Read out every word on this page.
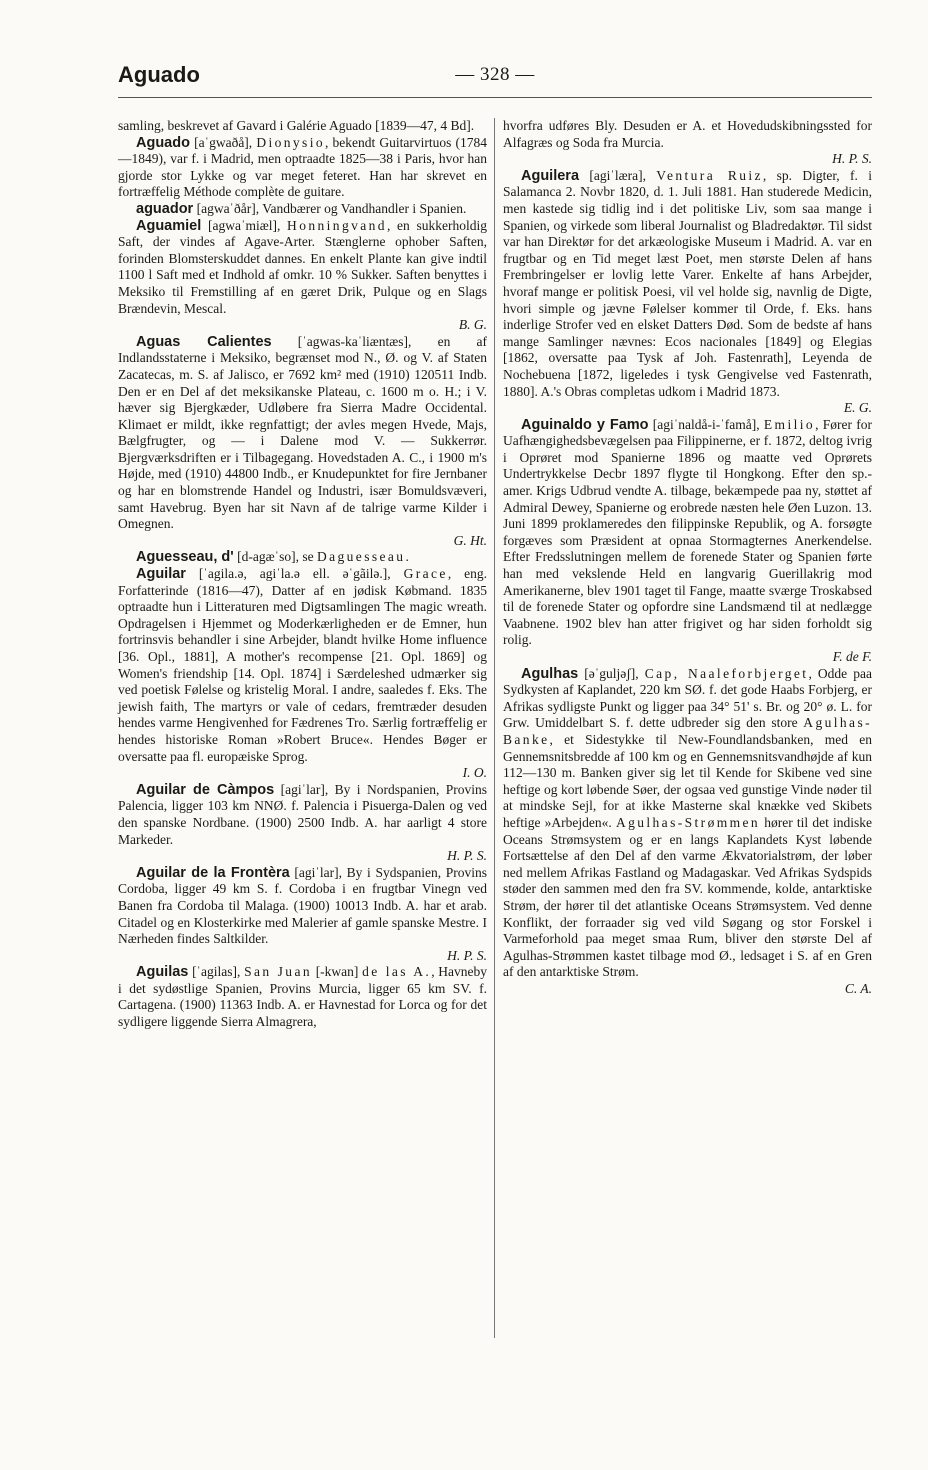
Aguado	— 328 —

samling, beskrevet af Gavard i Galérie Aguado [1839—47, 4 Bd].

Aguado [aˈgwaðå], Dionysio, bekendt Guitarvirtuos (1784—1849), var f. i Madrid, men optraadte 1825—38 i Paris, hvor han gjorde stor Lykke og var meget feteret. Han har skrevet en fortræffelig Méthode complète de guitare.

aguador [agwaˈðår], Vandbærer og Vandhandler i Spanien.

Aguamiel [agwaˈmiæl], Honningvand, en sukkerholdig Saft, der vindes af Agave-Arter. Stænglerne ophober Saften, forinden Blomsterskuddet dannes. En enkelt Plante kan give indtil 1100 l Saft med et Indhold af omkr. 10 % Sukker. Saften benyttes i Meksiko til Fremstilling af en gæret Drik, Pulque og en Slags Brændevin, Mescal.
B. G.

Aguas Calientes [ˈagwas-kaˈliæntæs], en af Indlandsstaterne i Meksiko, begrænset mod N., Ø. og V. af Staten Zacatecas, m. S. af Jalisco, er 7692 km² med (1910) 120511 Indb. Den er en Del af det meksikanske Plateau, c. 1600 m o. H.; i V. hæver sig Bjergkæder, Udløbere fra Sierra Madre Occidental. Klimaet er mildt, ikke regnfattigt; der avles megen Hvede, Majs, Bælgfrugter, og — i Dalene mod V. — Sukkerrør. Bjergværksdriften er i Tilbagegang. Hovedstaden A. C., i 1900 m's Højde, med (1910) 44800 Indb., er Knudepunktet for fire Jernbaner og har en blomstrende Handel og Industri, især Bomuldsvæveri, samt Havebrug. Byen har sit Navn af de talrige varme Kilder i Omegnen.
G. Ht.

Aguesseau, d' [d-agæˈso], se Daguesseau.

Aguilar [ˈagila.ə, agiˈla.ə ell. əˈgãilə.], Grace, eng. Forfatterinde (1816—47), Datter af en jødisk Købmand. 1835 optraadte hun i Litteraturen med Digtsamlingen The magic wreath. Opdragelsen i Hjemmet og Moderkærligheden er de Emner, hun fortrinsvis behandler i sine Arbejder, blandt hvilke Home influence [36. Opl., 1881], A mother's recompense [21. Opl. 1869] og Women's friendship [14. Opl. 1874] i Særdeleshed udmærker sig ved poetisk Følelse og kristelig Moral. I andre, saaledes f. Eks. The jewish faith, The martyrs or vale of cedars, fremtræder desuden hendes varme Hengivenhed for Fædrenes Tro. Særlig fortræffelig er hendes historiske Roman »Robert Bruce«. Hendes Bøger er oversatte paa fl. europæiske Sprog.
I. O.

Aguilar de Càmpos [agiˈlar], By i Nordspanien, Provins Palencia, ligger 103 km NNØ. f. Palencia i Pisuerga-Dalen og ved den spanske Nordbane. (1900) 2500 Indb. A. har aarligt 4 store Markeder.
H. P. S.

Aguilar de la Frontèra [agiˈlar], By i Sydspanien, Provins Cordoba, ligger 49 km S. f. Cordoba i en frugtbar Vinegn ved Banen fra Cordoba til Malaga. (1900) 10013 Indb. A. har et arab. Citadel og en Klosterkirke med Malerier af gamle spanske Mestre. I Nærheden findes Saltkilder.
H. P. S.

Aguilas [ˈagilas], San Juan [-kwan] de las A., Havneby i det sydøstlige Spanien, Provins Murcia, ligger 65 km SV. f. Cartagena. (1900) 11363 Indb. A. er Havnestad for Lorca og for det sydligere liggende Sierra Almagrera,

hvorfra udføres Bly. Desuden er A. et Hovedudskibningssted for Alfagræs og Soda fra Murcia.
H. P. S.

Aguilera [agiˈlæra], Ventura Ruiz, sp. Digter, f. i Salamanca 2. Novbr 1820, d. 1. Juli 1881. Han studerede Medicin, men kastede sig tidlig ind i det politiske Liv, som saa mange i Spanien, og virkede som liberal Journalist og Bladredaktør. Til sidst var han Direktør for det arkæologiske Museum i Madrid. A. var en frugtbar og en Tid meget læst Poet, men største Delen af hans Frembringelser er lovlig lette Varer. Enkelte af hans Arbejder, hvoraf mange er politisk Poesi, vil vel holde sig, navnlig de Digte, hvori simple og jævne Følelser kommer til Orde, f. Eks. hans inderlige Strofer ved en elsket Datters Død. Som de bedste af hans mange Samlinger nævnes: Ecos nacionales [1849] og Elegias [1862, oversatte paa Tysk af Joh. Fastenrath], Leyenda de Nochebuena [1872, ligeledes i tysk Gengivelse ved Fastenrath, 1880]. A.'s Obras completas udkom i Madrid 1873.
E. G.

Aguinaldo y Famo [agiˈnaldå-i-ˈfamå], Emilio, Fører for Uafhængighedsbevægelsen paa Filippinerne, er f. 1872, deltog ivrig i Oprøret mod Spanierne 1896 og maatte ved Oprørets Undertrykkelse Decbr 1897 flygte til Hongkong. Efter den sp.-amer. Krigs Udbrud vendte A. tilbage, bekæmpede paa ny, støttet af Admiral Dewey, Spanierne og erobrede næsten hele Øen Luzon. 13. Juni 1899 proklameredes den filippinske Republik, og A. forsøgte forgæves som Præsident at opnaa Stormagternes Anerkendelse. Efter Fredsslutningen mellem de forenede Stater og Spanien førte han med vekslende Held en langvarig Guerillakrig mod Amerikanerne, blev 1901 taget til Fange, maatte sværge Troskabsed til de forenede Stater og opfordre sine Landsmænd til at nedlægge Vaabnene. 1902 blev han atter frigivet og har siden forholdt sig rolig.
F. de F.

Agulhas [əˈguljəʃ], Cap, Naaleforbjerget, Odde paa Sydkysten af Kaplandet, 220 km SØ. f. det gode Haabs Forbjerg, er Afrikas sydligste Punkt og ligger paa 34° 51' s. Br. og 20° ø. L. for Grw. Umiddelbart S. f. dette udbreder sig den store Agulhas-Banke, et Sidestykke til New-Foundlandsbanken, med en Gennemsnitsbredde af 100 km og en Gennemsnitsvandhøjde af kun 112—130 m. Banken giver sig let til Kende for Skibene ved sine heftige og kort løbende Søer, der ogsaa ved gunstige Vinde nøder til at mindske Sejl, for at ikke Masterne skal knække ved Skibets heftige »Arbejden«. Agulhas-Strømmen hører til det indiske Oceans Strømsystem og er en langs Kaplandets Kyst løbende Fortsættelse af den Del af den varme Ækvatorialstrøm, der løber ned mellem Afrikas Fastland og Madagaskar. Ved Afrikas Sydspids støder den sammen med den fra SV. kommende, kolde, antarktiske Strøm, der hører til det atlantiske Oceans Strømsystem. Ved denne Konflikt, der forraader sig ved vild Søgang og stor Forskel i Varmeforhold paa meget smaa Rum, bliver den største Del af Agulhas-Strømmen kastet tilbage mod Ø., ledsaget i S. af en Gren af den antarktiske Strøm.
C. A.
